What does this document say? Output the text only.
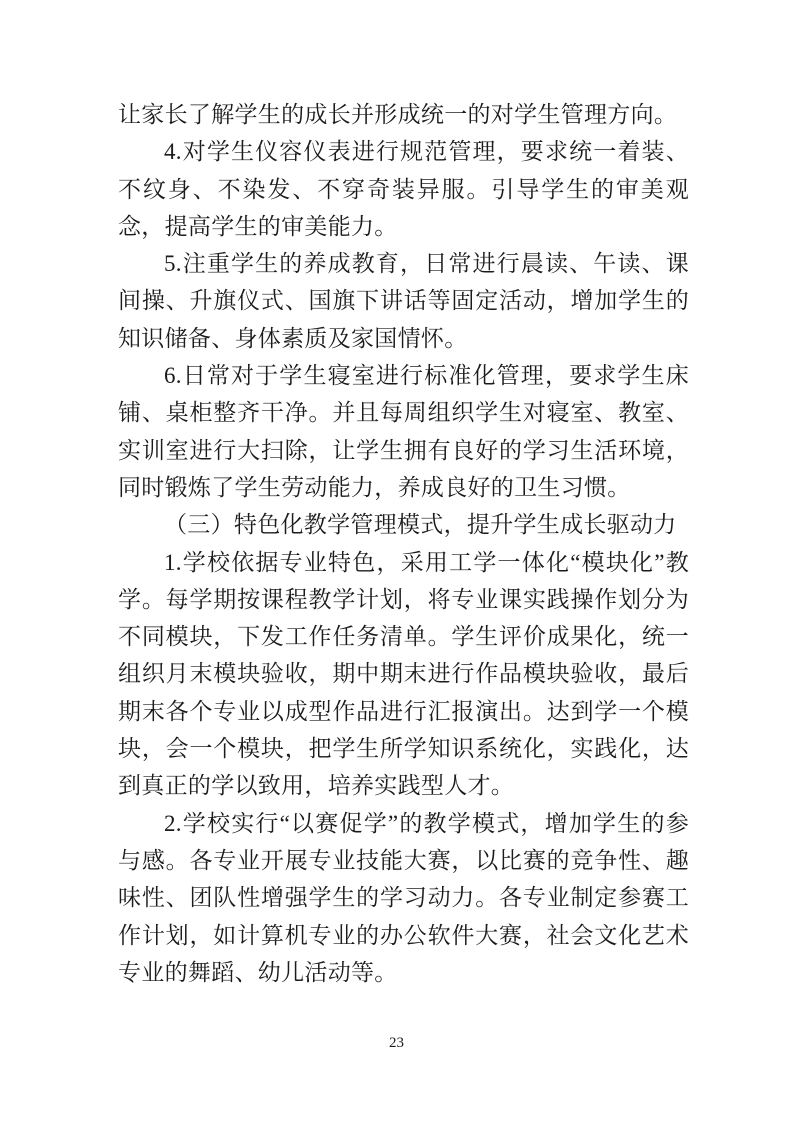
让家长了解学生的成长并形成统一的对学生管理方向。

4.对学生仪容仪表进行规范管理，要求统一着装、不纹身、不染发、不穿奇装异服。引导学生的审美观念，提高学生的审美能力。

5.注重学生的养成教育，日常进行晨读、午读、课间操、升旗仪式、国旗下讲话等固定活动，增加学生的知识储备、身体素质及家国情怀。

6.日常对于学生寝室进行标准化管理，要求学生床铺、桌柜整齐干净。并且每周组织学生对寝室、教室、实训室进行大扫除，让学生拥有良好的学习生活环境，同时锻炼了学生劳动能力，养成良好的卫生习惯。

（三）特色化教学管理模式，提升学生成长驱动力

1.学校依据专业特色，采用工学一体化“模块化”教学。每学期按课程教学计划，将专业课实践操作划分为不同模块，下发工作任务清单。学生评价成果化，统一组织月末模块验收，期中期末进行作品模块验收，最后期末各个专业以成型作品进行汇报演出。达到学一个模块，会一个模块，把学生所学知识系统化，实践化，达到真正的学以致用，培养实践型人才。

2.学校实行“以赛促学”的教学模式，增加学生的参与感。各专业开展专业技能大赛，以比赛的竞争性、趣味性、团队性增强学生的学习动力。各专业制定参赛工作计划，如计算机专业的办公软件大赛，社会文化艺术专业的舞蹈、幼儿活动等。

23
